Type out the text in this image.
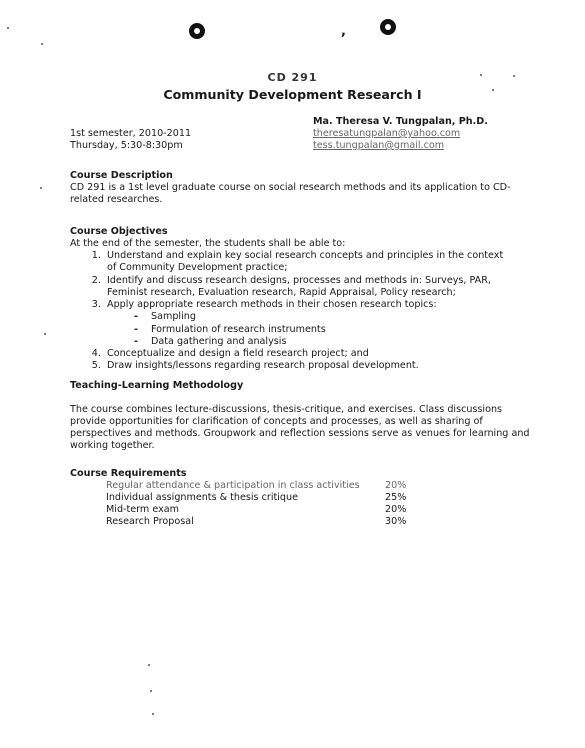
,
CD 291
Community Development Research I
Ma. Theresa V. Tungpalan, Ph.D.
theresatungpalan@yahoo.com
tess.tungpalan@gmail.com
1st semester, 2010-2011
Thursday, 5:30-8:30pm
Course Description
CD 291 is a 1st level graduate course on social research methods and its application to CD-
related researches.
Course Objectives
At the end of the semester, the students shall be able to:
1. Understand and explain key social research concepts and principles in the context of Community Development practice;
2. Identify and discuss research designs, processes and methods in: Surveys, PAR, Feminist research, Evaluation research, Rapid Appraisal, Policy research;
3. Apply appropriate research methods in their chosen research topics:
- Sampling
- Formulation of research instruments
- Data gathering and analysis
4. Conceptualize and design a field research project; and
5. Draw insights/lessons regarding research proposal development.
Teaching-Learning Methodology
The course combines lecture-discussions, thesis-critique, and exercises. Class discussions
provide opportunities for clarification of concepts and processes, as well as sharing of
perspectives and methods. Groupwork and reflection sessions serve as venues for learning and
working together.
Course Requirements
Regular attendance & participation in class activities	20%
Individual assignments & thesis critique	25%
Mid-term exam	20%
Research Proposal	30%
